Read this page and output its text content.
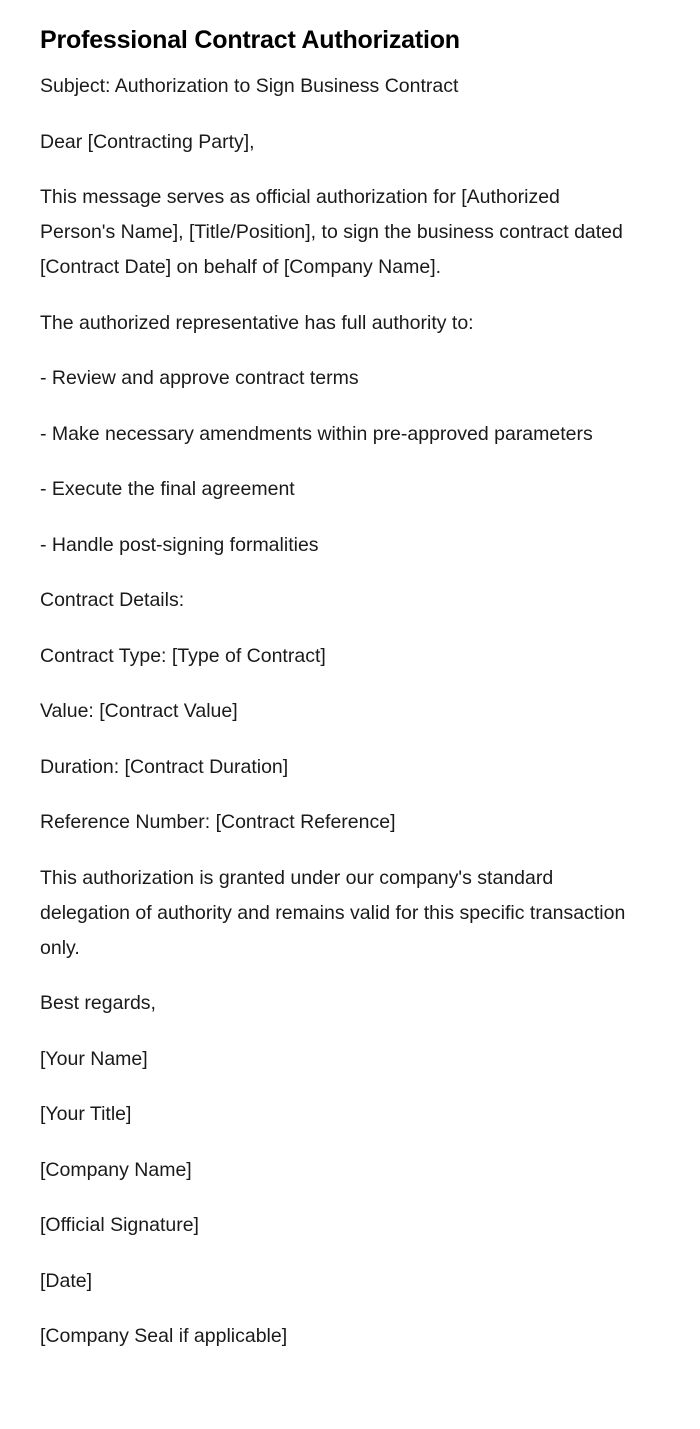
Professional Contract Authorization

Subject: Authorization to Sign Business Contract

Dear [Contracting Party],

This message serves as official authorization for [Authorized Person's Name], [Title/Position], to sign the business contract dated [Contract Date] on behalf of [Company Name].

The authorized representative has full authority to:

- Review and approve contract terms

- Make necessary amendments within pre-approved parameters

- Execute the final agreement

- Handle post-signing formalities

Contract Details:

Contract Type: [Type of Contract]

Value: [Contract Value]

Duration: [Contract Duration]

Reference Number: [Contract Reference]

This authorization is granted under our company's standard delegation of authority and remains valid for this specific transaction only.

Best regards,

[Your Name]

[Your Title]

[Company Name]

[Official Signature]

[Date]

[Company Seal if applicable]
